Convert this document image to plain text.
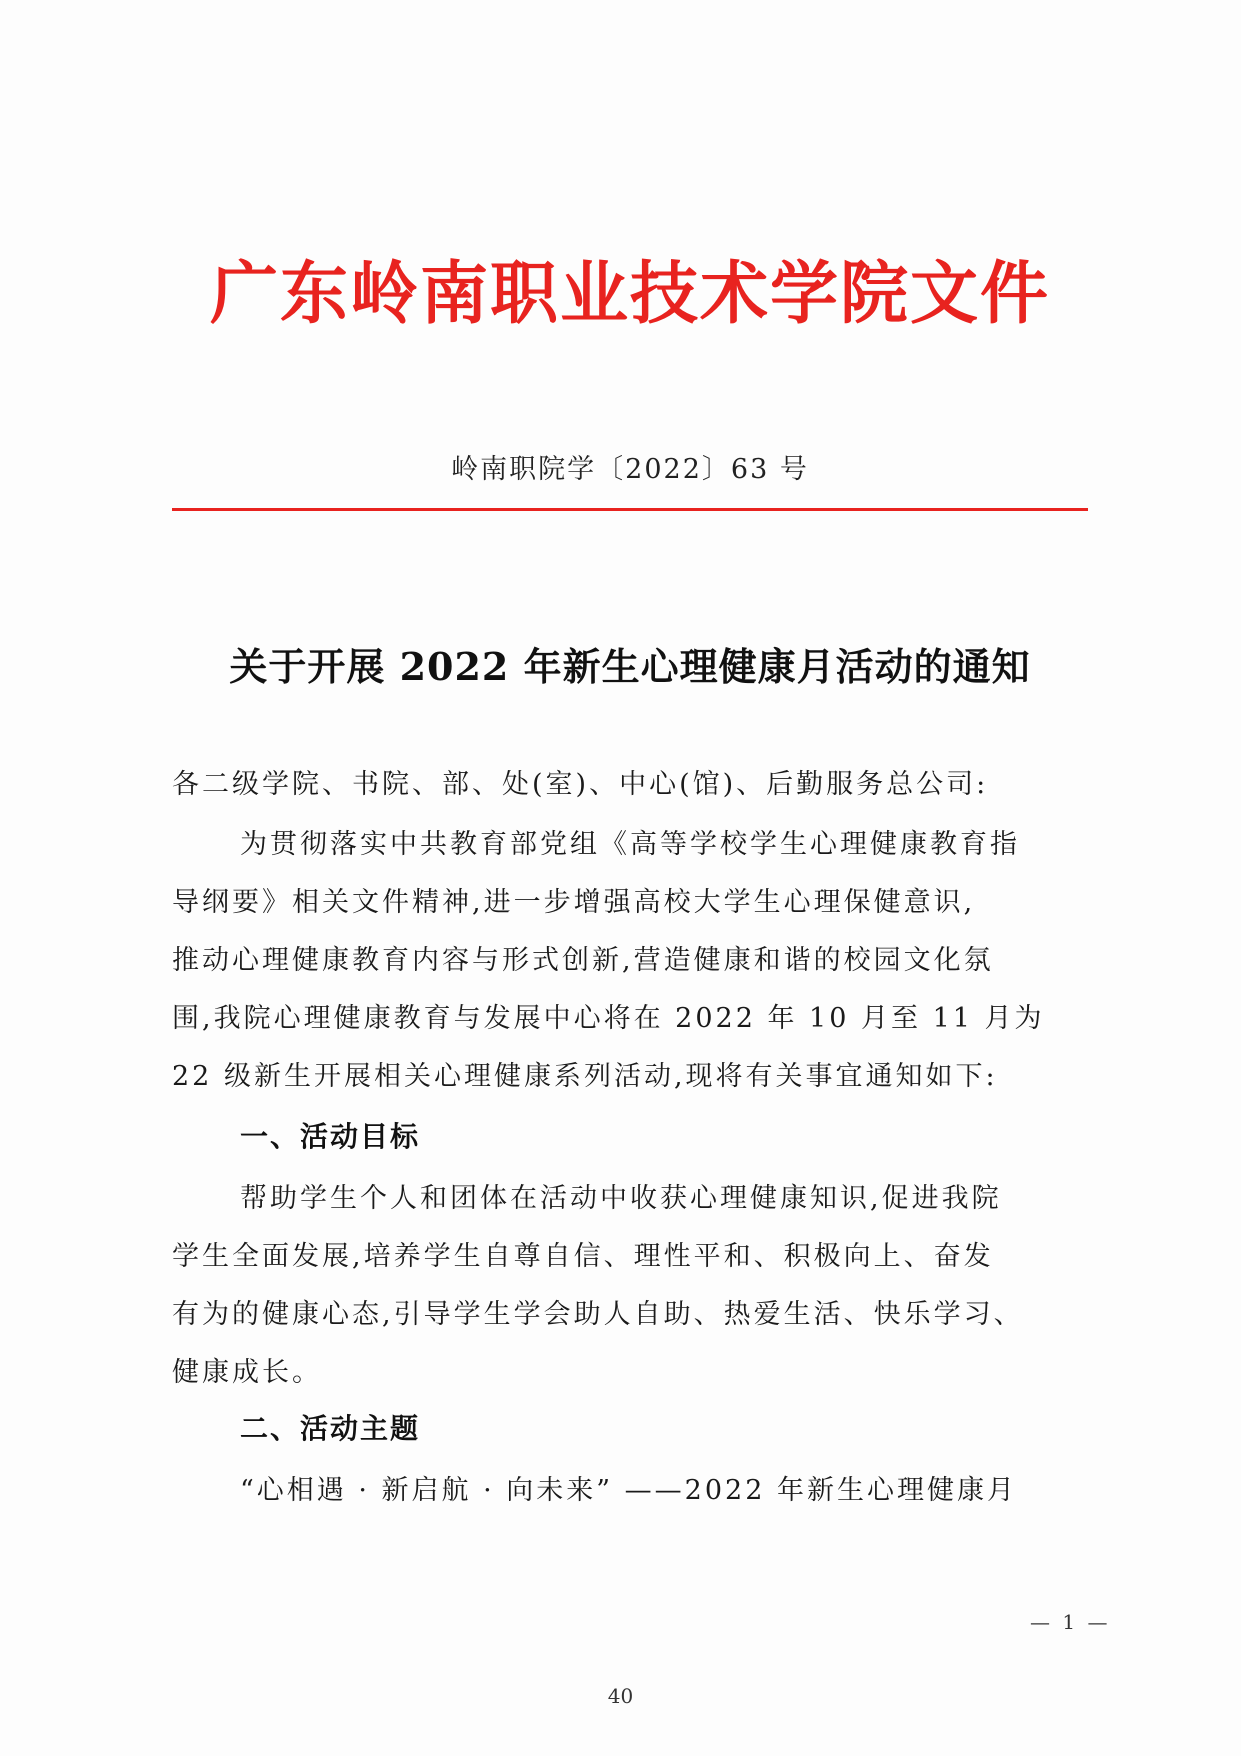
广东岭南职业技术学院文件
岭南职院学〔2022〕63 号
关于开展 2022 年新生心理健康月活动的通知
各二级学院、书院、部、处(室)、中心(馆)、后勤服务总公司:
为贯彻落实中共教育部党组《高等学校学生心理健康教育指
导纲要》相关文件精神,进一步增强高校大学生心理保健意识,
推动心理健康教育内容与形式创新,营造健康和谐的校园文化氛
围,我院心理健康教育与发展中心将在 2022 年 10 月至 11 月为
22 级新生开展相关心理健康系列活动,现将有关事宜通知如下:
一、活动目标
帮助学生个人和团体在活动中收获心理健康知识,促进我院
学生全面发展,培养学生自尊自信、理性平和、积极向上、奋发
有为的健康心态,引导学生学会助人自助、热爱生活、快乐学习、
健康成长。
二、活动主题
“心相遇 · 新启航 · 向未来” ——2022 年新生心理健康月
— 1 —
40
